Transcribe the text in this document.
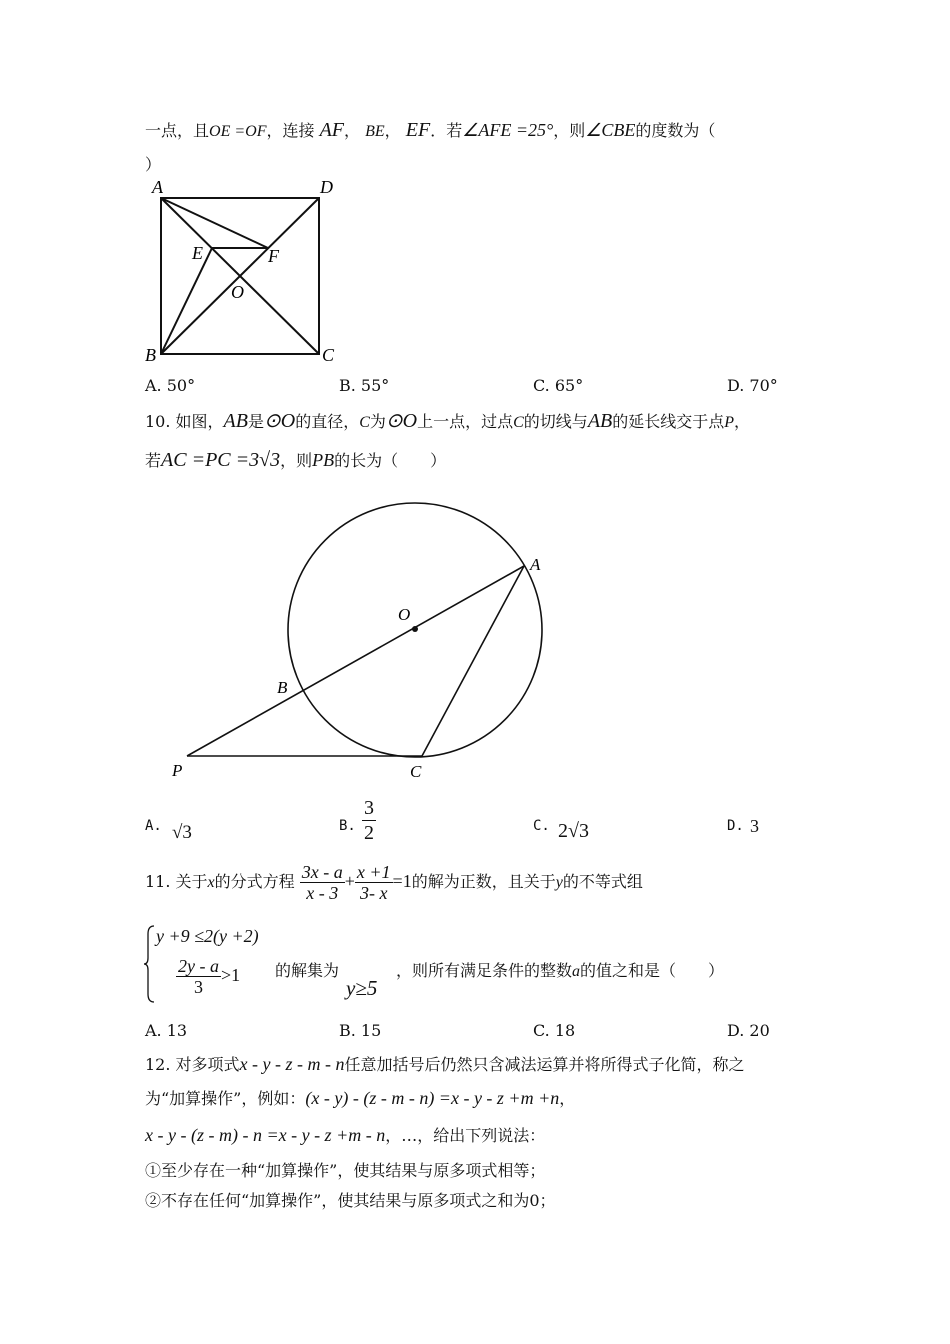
一点，且OE =OF，连接 AF， BE， EF．若∠AFE =25°，则∠CBE的度数为（
）
A	D
E	F
O
B	C
A. 50°	B. 55°	C. 65°	D. 70°
10. 如图，AB是⊙O的直径，C为⊙O上一点，过点C的切线与AB的延长线交于点P，
若AC =PC =3√3，则PB的长为（　　）
O
A
B
P	C
A. √3	B. $\frac{3}{2}$	C. 2√3	D. 3
11. 关于x的分式方程 $\frac{3x - a}{x - 3} + \frac{x +1}{3- x} =1$的解为正数，且关于y的不等式组
y +9 ≤2(y +2)
$\frac{2y - a}{3} >1$ 的解集为
y≥5
，则所有满足条件的整数a的值之和是（　　）
A. 13	B. 15	C. 18	D. 20
12. 对多项式x - y - z - m - n任意加括号后仍然只含减法运算并将所得式子化简，称之
为“加算操作”，例如：(x - y) - (z - m - n) =x - y - z +m +n，
x - y - (z - m) - n =x - y - z +m - n，…，给出下列说法：
①至少存在一种“加算操作”，使其结果与原多项式相等；
②不存在任何“加算操作”，使其结果与原多项式之和为0；
